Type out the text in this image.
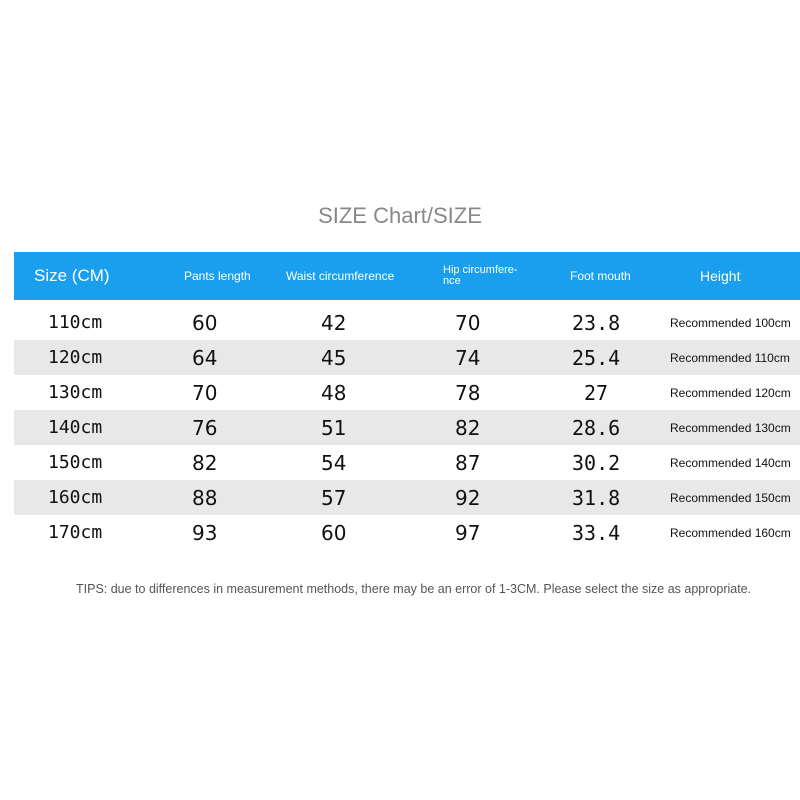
SIZE Chart/SIZE
Size (CM)	Pants length	Waist circumference	Hip circumfere-nce	Foot mouth	Height
110cm	60	42	70	23.8	Recommended 100cm
120cm	64	45	74	25.4	Recommended 110cm
130cm	70	48	78	27	Recommended 120cm
140cm	76	51	82	28.6	Recommended 130cm
150cm	82	54	87	30.2	Recommended 140cm
160cm	88	57	92	31.8	Recommended 150cm
170cm	93	60	97	33.4	Recommended 160cm
TIPS: due to differences in measurement methods, there may be an error of 1-3CM. Please select the size as appropriate.
